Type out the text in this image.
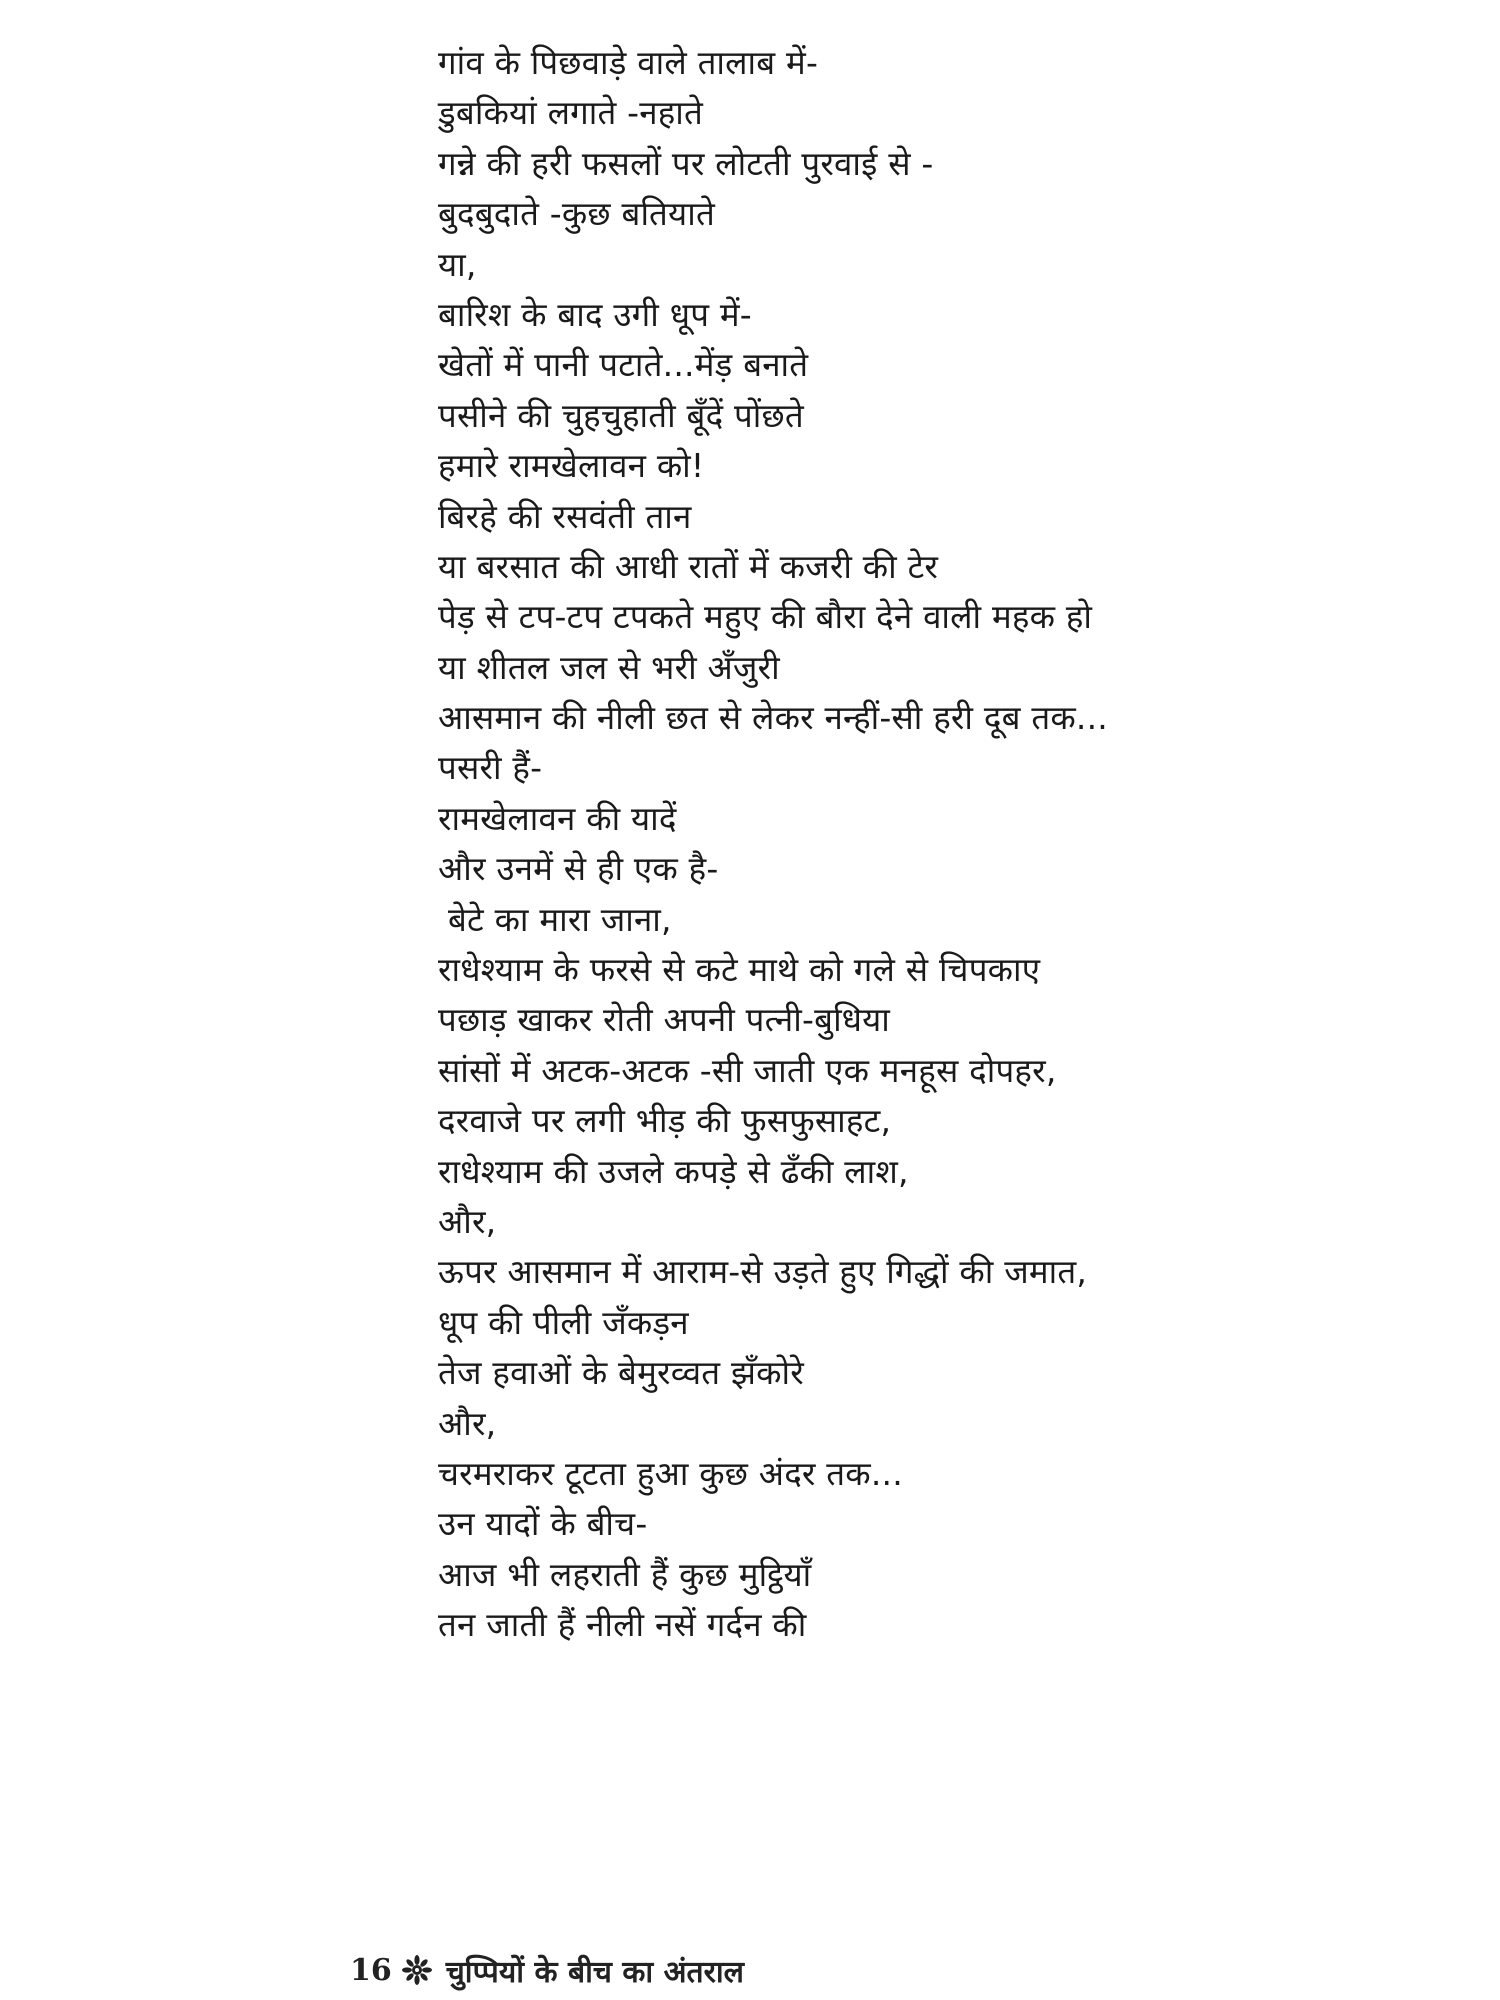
गांव के पिछवाड़े वाले तालाब में-
डुबकियां लगाते -नहाते
गन्ने की हरी फसलों पर लोटती पुरवाई से -
बुदबुदाते -कुछ बतियाते
या,
बारिश के बाद उगी धूप में-
खेतों में पानी पटाते...मेंड़ बनाते
पसीने की चुहचुहाती बूँदें पोंछते
हमारे रामखेलावन को!
बिरहे की रसवंती तान
या बरसात की आधी रातों में कजरी की टेर
पेड़ से टप-टप टपकते महुए की बौरा देने वाली महक हो
या शीतल जल से भरी अँजुरी
आसमान की नीली छत से लेकर नन्हीं-सी हरी दूब तक...
पसरी हैं-
रामखेलावन की यादें
और उनमें से ही एक है-
बेटे का मारा जाना,
राधेश्याम के फरसे से कटे माथे को गले से चिपकाए
पछाड़ खाकर रोती अपनी पत्नी-बुधिया
सांसों में अटक-अटक -सी जाती एक मनहूस दोपहर,
दरवाजे पर लगी भीड़ की फुसफुसाहट,
राधेश्याम की उजले कपड़े से ढँकी लाश,
और,
ऊपर आसमान में आराम-से उड़ते हुए गिद्धों की जमात,
धूप की पीली जँकड़न
तेज हवाओं के बेमुरव्वत झँकोरे
और,
चरमराकर टूटता हुआ कुछ अंदर तक...
उन यादों के बीच-
आज भी लहराती हैं कुछ मुट्ठियाँ
तन जाती हैं नीली नसें गर्दन की
16 चुप्पियों के बीच का अंतराल
